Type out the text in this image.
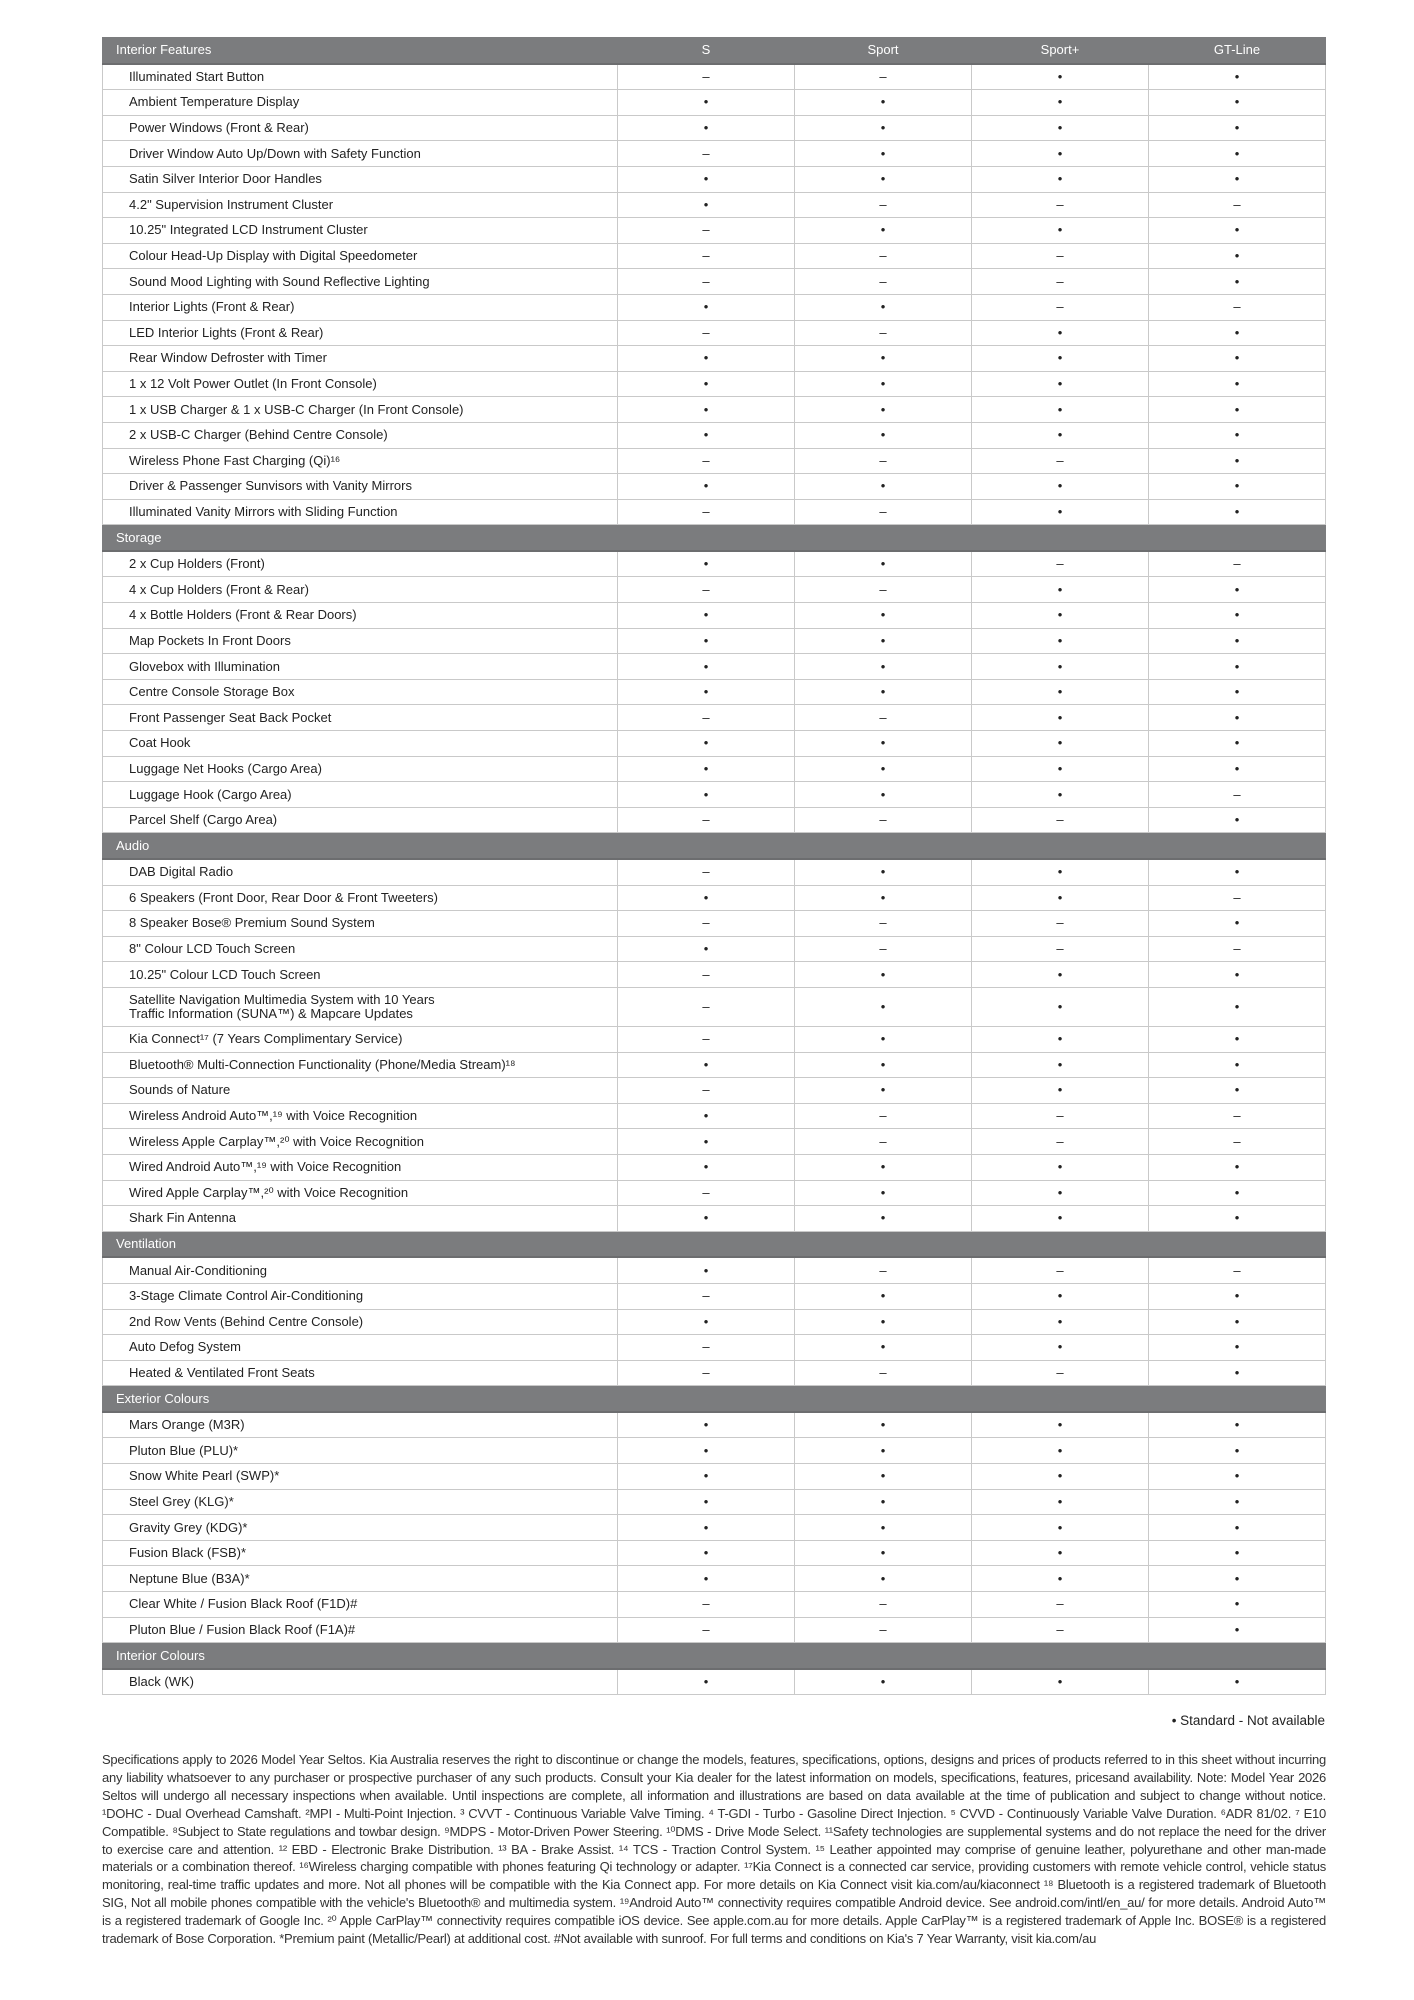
Interior Features	S	Sport	Sport+	GT-Line
Illuminated Start Button	–	–	•	•
Ambient Temperature Display	•	•	•	•
Power Windows (Front & Rear)	•	•	•	•
Driver Window Auto Up/Down with Safety Function	–	•	•	•
Satin Silver Interior Door Handles	•	•	•	•
4.2" Supervision Instrument Cluster	•	–	–	–
10.25" Integrated LCD Instrument Cluster	–	•	•	•
Colour Head-Up Display with Digital Speedometer	–	–	–	•
Sound Mood Lighting with Sound Reflective Lighting	–	–	–	•
Interior Lights (Front & Rear)	•	•	–	–
LED Interior Lights (Front & Rear)	–	–	•	•
Rear Window Defroster with Timer	•	•	•	•
1 x 12 Volt Power Outlet (In Front Console)	•	•	•	•
1 x USB Charger & 1 x USB-C Charger (In Front Console)	•	•	•	•
2 x USB-C Charger (Behind Centre Console)	•	•	•	•
Wireless Phone Fast Charging (Qi)¹⁶	–	–	–	•
Driver & Passenger Sunvisors with Vanity Mirrors	•	•	•	•
Illuminated Vanity Mirrors with Sliding Function	–	–	•	•
Storage				
2 x Cup Holders (Front)	•	•	–	–
4 x Cup Holders (Front & Rear)	–	–	•	•
4 x Bottle Holders (Front & Rear Doors)	•	•	•	•
Map Pockets In Front Doors	•	•	•	•
Glovebox with Illumination	•	•	•	•
Centre Console Storage Box	•	•	•	•
Front Passenger Seat Back Pocket	–	–	•	•
Coat Hook	•	•	•	•
Luggage Net Hooks (Cargo Area)	•	•	•	•
Luggage Hook (Cargo Area)	•	•	•	–
Parcel Shelf (Cargo Area)	–	–	–	•
Audio				
DAB Digital Radio	–	•	•	•
6 Speakers (Front Door, Rear Door & Front Tweeters)	•	•	•	–
8 Speaker Bose® Premium Sound System	–	–	–	•
8" Colour LCD Touch Screen	•	–	–	–
10.25" Colour LCD Touch Screen	–	•	•	•
Satellite Navigation Multimedia System with 10 Years Traffic Information (SUNA™) & Mapcare Updates	–	•	•	•
Kia Connect¹⁷ (7 Years Complimentary Service)	–	•	•	•
Bluetooth® Multi-Connection Functionality (Phone/Media Stream)¹⁸	•	•	•	•
Sounds of Nature	–	•	•	•
Wireless Android Auto™,¹⁹ with Voice Recognition	•	–	–	–
Wireless Apple Carplay™,²⁰ with Voice Recognition	•	–	–	–
Wired Android Auto™,¹⁹ with Voice Recognition	•	•	•	•
Wired Apple Carplay™,²⁰ with Voice Recognition	–	•	•	•
Shark Fin Antenna	•	•	•	•
Ventilation				
Manual Air-Conditioning	•	–	–	–
3-Stage Climate Control Air-Conditioning	–	•	•	•
2nd Row Vents (Behind Centre Console)	•	•	•	•
Auto Defog System	–	•	•	•
Heated & Ventilated Front Seats	–	–	–	•
Exterior Colours				
Mars Orange (M3R)	•	•	•	•
Pluton Blue (PLU)*	•	•	•	•
Snow White Pearl (SWP)*	•	•	•	•
Steel Grey (KLG)*	•	•	•	•
Gravity Grey (KDG)*	•	•	•	•
Fusion Black (FSB)*	•	•	•	•
Neptune Blue (B3A)*	•	•	•	•
Clear White / Fusion Black Roof (F1D)#	–	–	–	•
Pluton Blue / Fusion Black Roof (F1A)#	–	–	–	•
Interior Colours				
Black (WK)	•	•	•	•
• Standard - Not available

Specifications apply to 2026 Model Year Seltos. Kia Australia reserves the right to discontinue or change the models, features, specifications, options, designs and prices of products referred to in this sheet without incurring any liability whatsoever to any purchaser or prospective purchaser of any such products. Consult your Kia dealer for the latest information on models, specifications, features, pricesand availability. Note: Model Year 2026 Seltos will undergo all necessary inspections when available. Until inspections are complete, all information and illustrations are based on data available at the time of publication and subject to change without notice. ¹DOHC - Dual Overhead Camshaft. ²MPI - Multi-Point Injection. ³ CVVT - Continuous Variable Valve Timing. ⁴ T-GDI - Turbo - Gasoline Direct Injection. ⁵ CVVD - Continuously Variable Valve Duration. ⁶ADR 81/02. ⁷ E10 Compatible. ⁸Subject to State regulations and towbar design. ⁹MDPS - Motor-Driven Power Steering. ¹⁰DMS - Drive Mode Select. ¹¹Safety technologies are supplemental systems and do not replace the need for the driver to exercise care and attention. ¹² EBD - Electronic Brake Distribution. ¹³ BA - Brake Assist. ¹⁴ TCS - Traction Control System. ¹⁵ Leather appointed may comprise of genuine leather, polyurethane and other man-made materials or a combination thereof. ¹⁶Wireless charging compatible with phones featuring Qi technology or adapter. ¹⁷Kia Connect is a connected car service, providing customers with remote vehicle control, vehicle status monitoring, real-time traffic updates and more. Not all phones will be compatible with the Kia Connect app. For more details on Kia Connect visit kia.com/au/kiaconnect ¹⁸ Bluetooth is a registered trademark of Bluetooth SIG, Not all mobile phones compatible with the vehicle's Bluetooth® and multimedia system. ¹⁹Android Auto™ connectivity requires compatible Android device. See android.com/intl/en_au/ for more details. Android Auto™ is a registered trademark of Google Inc. ²⁰ Apple CarPlay™ connectivity requires compatible iOS device. See apple.com.au for more details. Apple CarPlay™ is a registered trademark of Apple Inc. BOSE® is a registered trademark of Bose Corporation. *Premium paint (Metallic/Pearl) at additional cost. #Not available with sunroof. For full terms and conditions on Kia's 7 Year Warranty, visit kia.com/au
